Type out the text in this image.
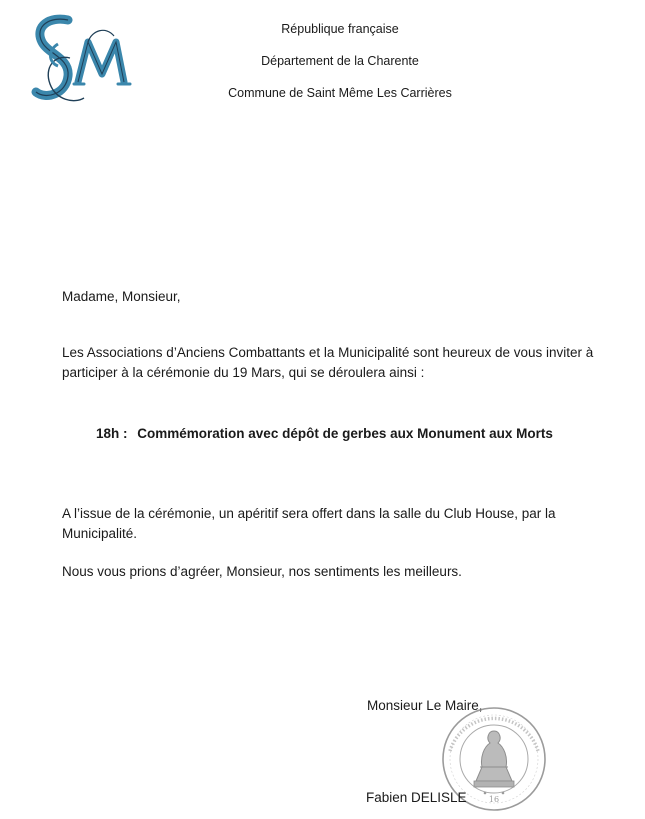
République française
Département de la Charente
Commune de Saint Même Les Carrières
Madame, Monsieur,
Les Associations d’Anciens Combattants et la Municipalité sont heureux de vous inviter à participer à la cérémonie du 19 Mars, qui se déroulera ainsi :
18h : Commémoration avec dépôt de gerbes aux Monument aux Morts
A l’issue de la cérémonie, un apéritif sera offert dans la salle du Club House, par la Municipalité.
Nous vous prions d’agréer, Monsieur, nos sentiments les meilleurs.
Monsieur Le Maire,
16
Fabien DELISLE
